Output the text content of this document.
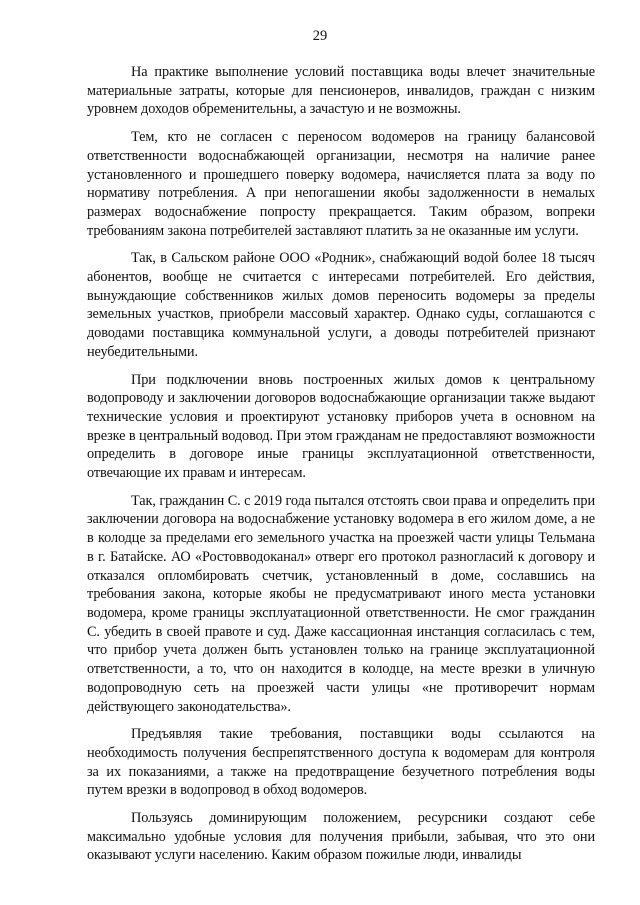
29

На практике выполнение условий поставщика воды влечет значительные материальные затраты, которые для пенсионеров, инвалидов, граждан с низким уровнем доходов обременительны, а зачастую и не возможны.

Тем, кто не согласен с переносом водомеров на границу балансовой ответственности водоснабжающей организации, несмотря на наличие ранее установленного и прошедшего поверку водомера, начисляется плата за воду по нормативу потребления. А при непогашении якобы задолженности в немалых размерах водоснабжение попросту прекращается. Таким образом, вопреки требованиям закона потребителей заставляют платить за не оказанные им услуги.

Так, в Сальском районе ООО «Родник», снабжающий водой более 18 тысяч абонентов, вообще не считается с интересами потребителей. Его действия, вынуждающие собственников жилых домов переносить водомеры за пределы земельных участков, приобрели массовый характер. Однако суды, соглашаются с доводами поставщика коммунальной услуги, а доводы потребителей признают неубедительными.

При подключении вновь построенных жилых домов к центральному водопроводу и заключении договоров водоснабжающие организации также выдают технические условия и проектируют установку приборов учета в основном на врезке в центральный водовод. При этом гражданам не предоставляют возможности определить в договоре иные границы эксплуатационной ответственности, отвечающие их правам и интересам.

Так, гражданин С. с 2019 года пытался отстоять свои права и определить при заключении договора на водоснабжение установку водомера в его жилом доме, а не в колодце за пределами его земельного участка на проезжей части улицы Тельмана в г. Батайске. АО «Ростовводоканал» отверг его протокол разногласий к договору и отказался опломбировать счетчик, установленный в доме, сославшись на требования закона, которые якобы не предусматривают иного места установки водомера, кроме границы эксплуатационной ответственности. Не смог гражданин С. убедить в своей правоте и суд. Даже кассационная инстанция согласилась с тем, что прибор учета должен быть установлен только на границе эксплуатационной ответственности, а то, что он находится в колодце, на месте врезки в уличную водопроводную сеть на проезжей части улицы «не противоречит нормам действующего законодательства».

Предъявляя такие требования, поставщики воды ссылаются на необходимость получения беспрепятственного доступа к водомерам для контроля за их показаниями, а также на предотвращение безучетного потребления воды путем врезки в водопровод в обход водомеров.

Пользуясь доминирующим положением, ресурсники создают себе максимально удобные условия для получения прибыли, забывая, что это они оказывают услуги населению. Каким образом пожилые люди, инвалиды
